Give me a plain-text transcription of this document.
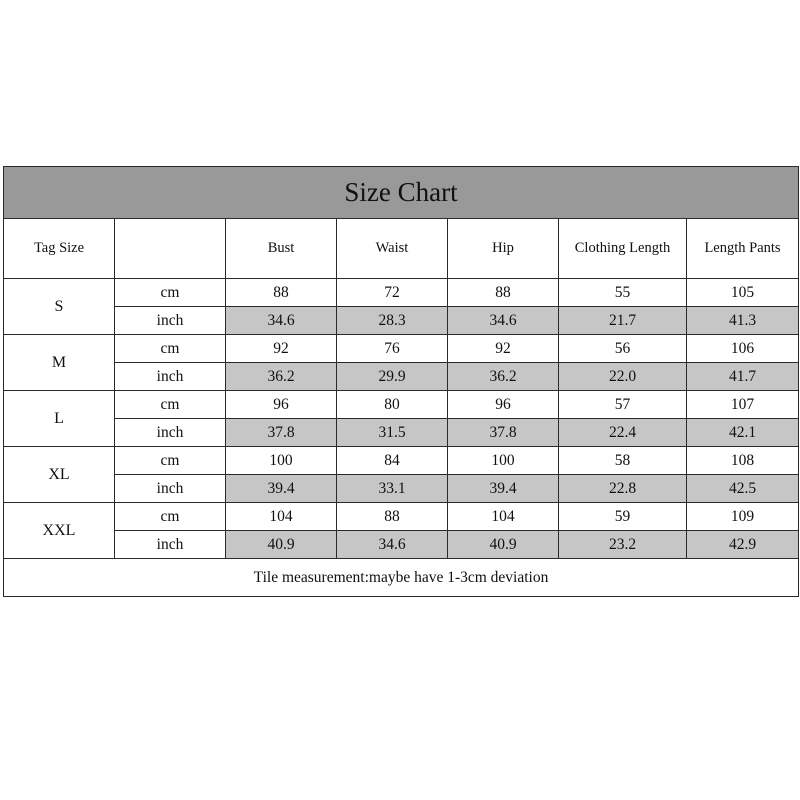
Size Chart						
Tag Size		Bust	Waist	Hip	Clothing Length	Length Pants
S	cm	88	72	88	55	105
	inch	34.6	28.3	34.6	21.7	41.3
M	cm	92	76	92	56	106
	inch	36.2	29.9	36.2	22.0	41.7
L	cm	96	80	96	57	107
	inch	37.8	31.5	37.8	22.4	42.1
XL	cm	100	84	100	58	108
	inch	39.4	33.1	39.4	22.8	42.5
XXL	cm	104	88	104	59	109
	inch	40.9	34.6	40.9	23.2	42.9
Tile measurement:maybe have 1-3cm deviation						
